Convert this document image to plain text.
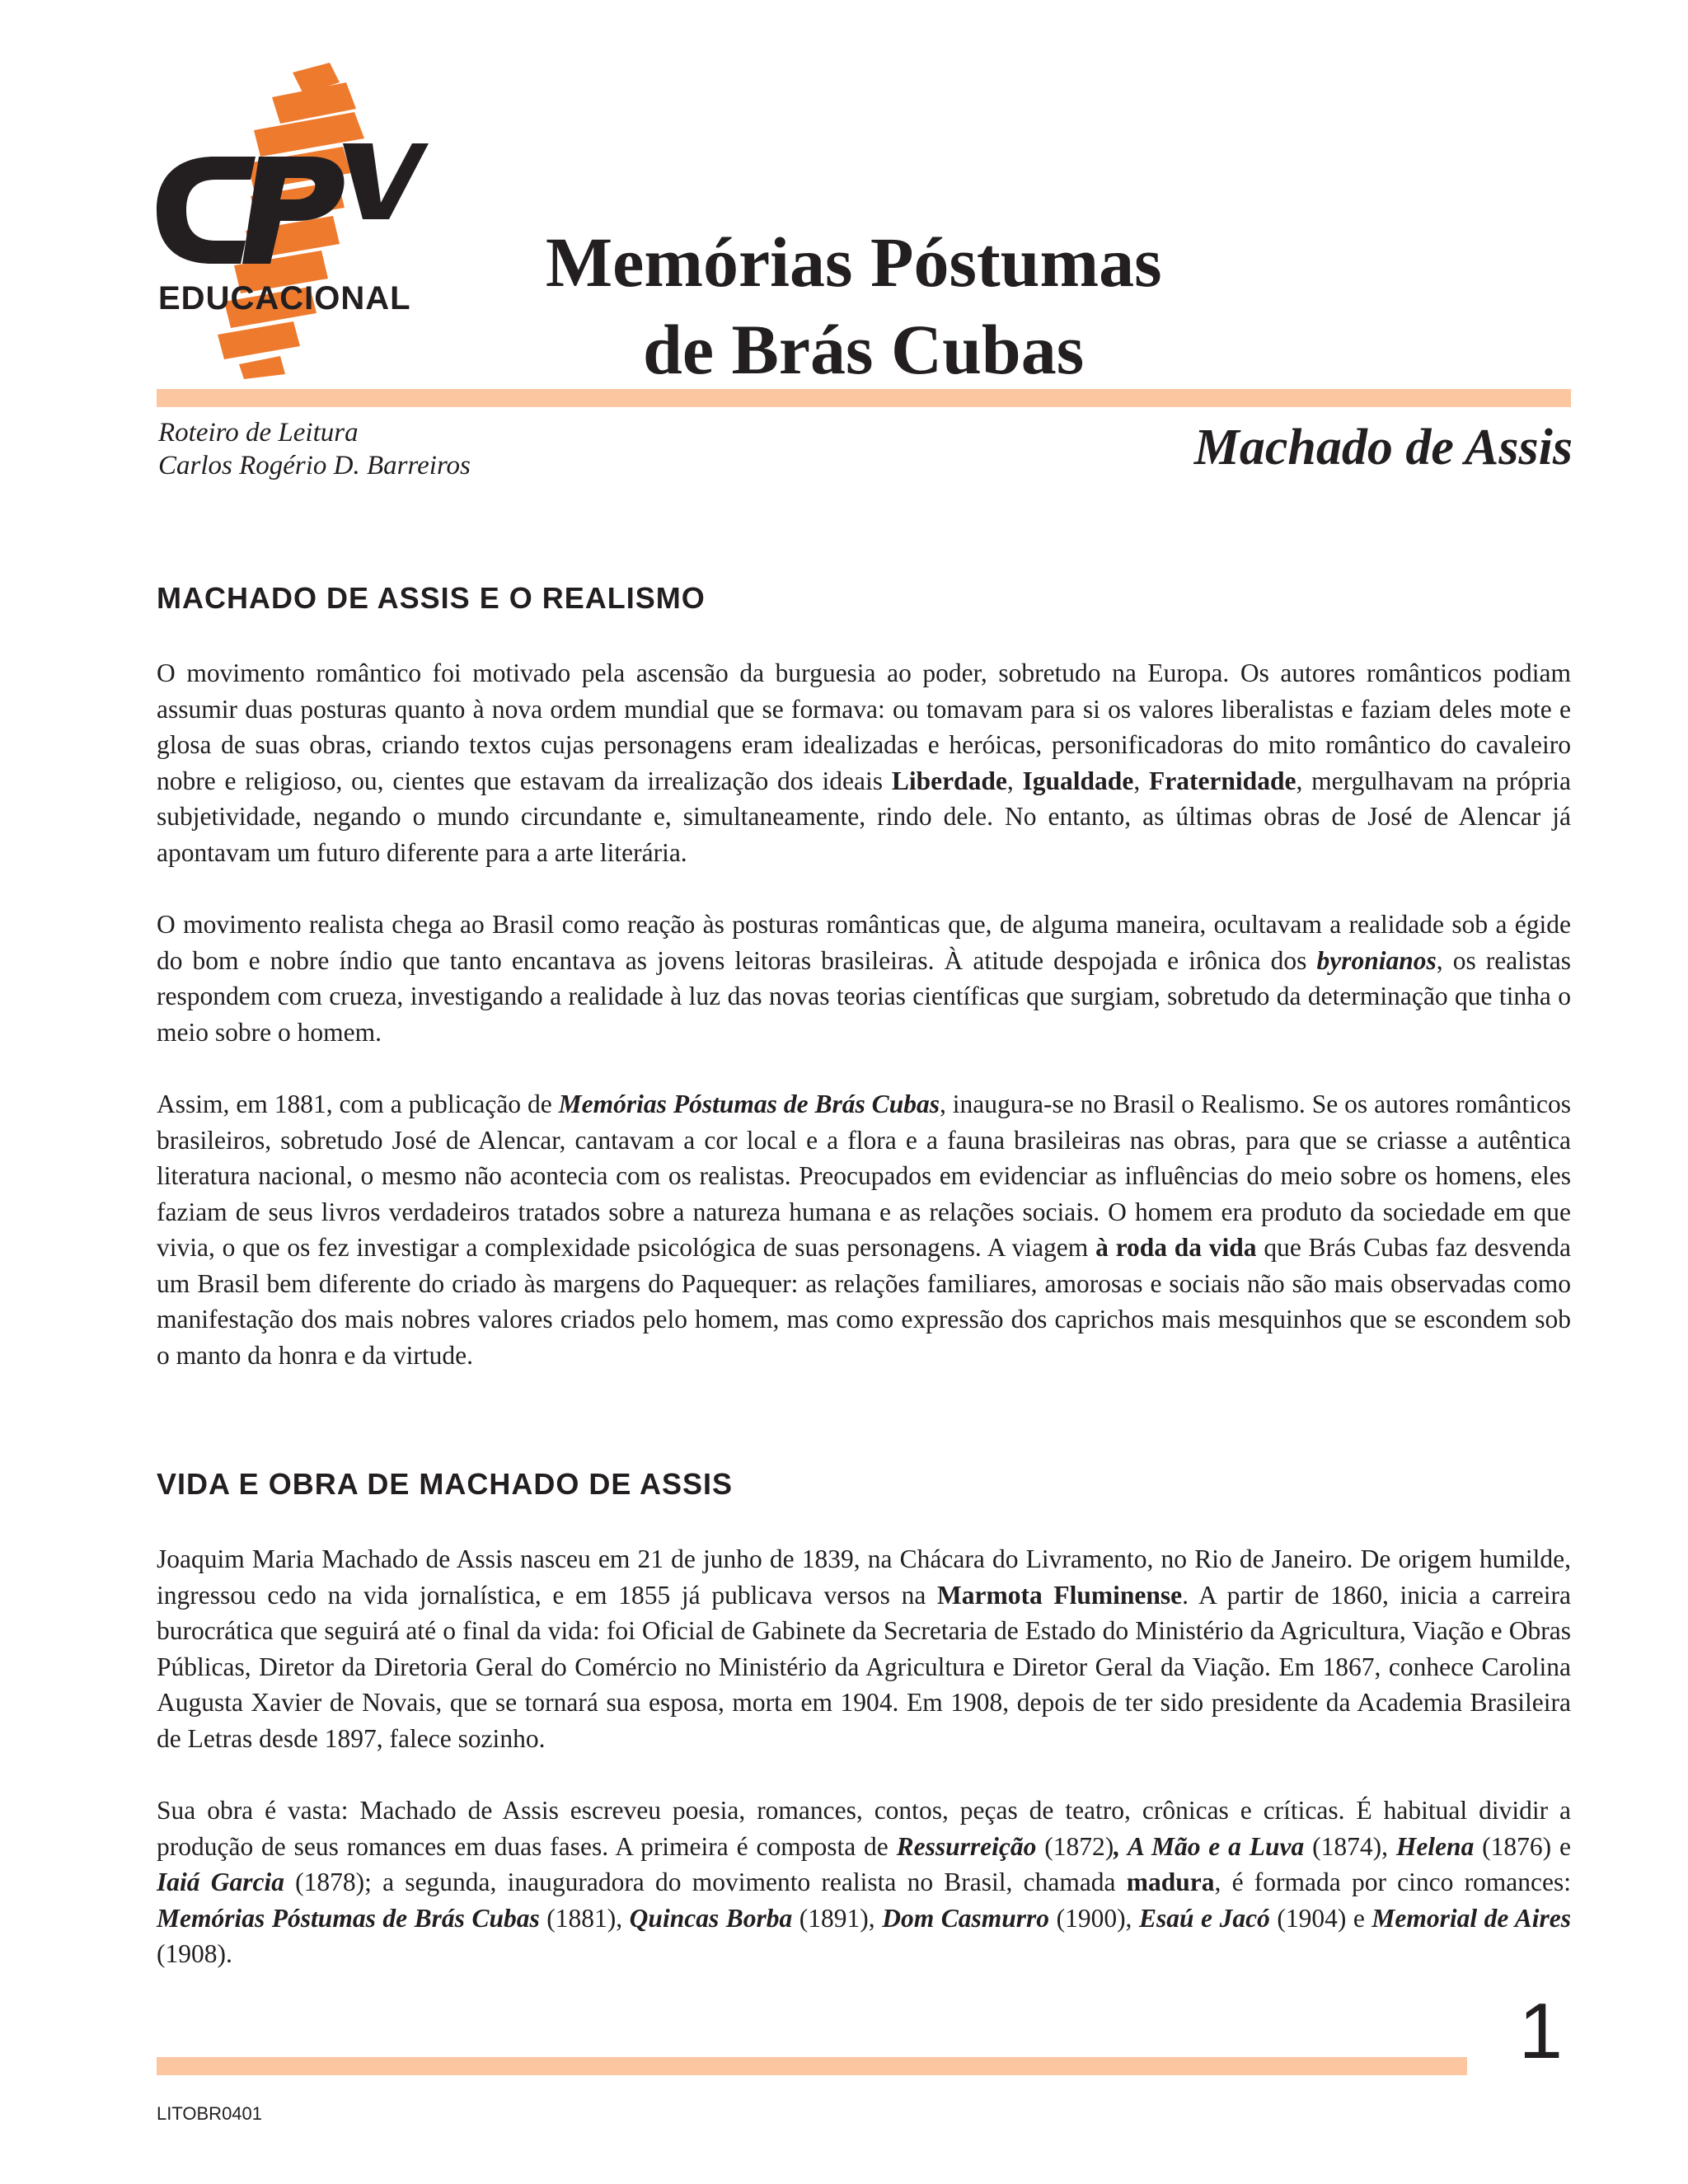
EDUCACIONAL	Memórias Póstumas
de Brás Cubas
Roteiro de Leitura
Carlos Rogério D. Barreiros	Machado de Assis
MACHADO DE ASSIS E O REALISMO

O movimento romântico foi motivado pela ascensão da burguesia ao poder, sobretudo na Europa. Os autores românticos podiam assumir duas posturas quanto à nova ordem mundial que se formava: ou tomavam para si os valores liberalistas e faziam deles mote e glosa de suas obras, criando textos cujas personagens eram idealizadas e heróicas, personificadoras do mito romântico do cavaleiro nobre e religioso, ou, cientes que estavam da irrealização dos ideais Liberdade, Igualdade, Fraternidade, mergulhavam na própria subjetividade, negando o mundo circundante e, simultaneamente, rindo dele. No entanto, as últimas obras de José de Alencar já apontavam um futuro diferente para a arte literária.

O movimento realista chega ao Brasil como reação às posturas românticas que, de alguma maneira, ocultavam a realidade sob a égide do bom e nobre índio que tanto encantava as jovens leitoras brasileiras. À atitude despojada e irônica dos byronianos, os realistas respondem com crueza, investigando a realidade à luz das novas teorias científicas que surgiam, sobretudo da determinação que tinha o meio sobre o homem.

Assim, em 1881, com a publicação de Memórias Póstumas de Brás Cubas, inaugura-se no Brasil o Realismo. Se os autores românticos brasileiros, sobretudo José de Alencar, cantavam a cor local e a flora e a fauna brasileiras nas obras, para que se criasse a autêntica literatura nacional, o mesmo não acontecia com os realistas. Preocupados em evidenciar as influências do meio sobre os homens, eles faziam de seus livros verdadeiros tratados sobre a natureza humana e as relações sociais. O homem era produto da sociedade em que vivia, o que os fez investigar a complexidade psicológica de suas personagens. A viagem à roda da vida que Brás Cubas faz desvenda um Brasil bem diferente do criado às margens do Paquequer: as relações familiares, amorosas e sociais não são mais observadas como manifestação dos mais nobres valores criados pelo homem, mas como expressão dos caprichos mais mesquinhos que se escondem sob o manto da honra e da virtude.

VIDA E OBRA DE MACHADO DE ASSIS

Joaquim Maria Machado de Assis nasceu em 21 de junho de 1839, na Chácara do Livramento, no Rio de Janeiro. De origem humilde, ingressou cedo na vida jornalística, e em 1855 já publicava versos na Marmota Fluminense. A partir de 1860, inicia a carreira burocrática que seguirá até o final da vida: foi Oficial de Gabinete da Secretaria de Estado do Ministério da Agricultura, Viação e Obras Públicas, Diretor da Diretoria Geral do Comércio no Ministério da Agricultura e Diretor Geral da Viação. Em 1867, conhece Carolina Augusta Xavier de Novais, que se tornará sua esposa, morta em 1904. Em 1908, depois de ter sido presidente da Academia Brasileira de Letras desde 1897, falece sozinho.

Sua obra é vasta: Machado de Assis escreveu poesia, romances, contos, peças de teatro, crônicas e críticas. É habitual dividir a produção de seus romances em duas fases. A primeira é composta de Ressurreição (1872), A Mão e a Luva (1874), Helena (1876) e Iaiá Garcia (1878); a segunda, inauguradora do movimento realista no Brasil, chamada madura, é formada por cinco romances: Memórias Póstumas de Brás Cubas (1881), Quincas Borba (1891), Dom Casmurro (1900), Esaú e Jacó (1904) e Memorial de Aires (1908).

LITOBR0401
1
